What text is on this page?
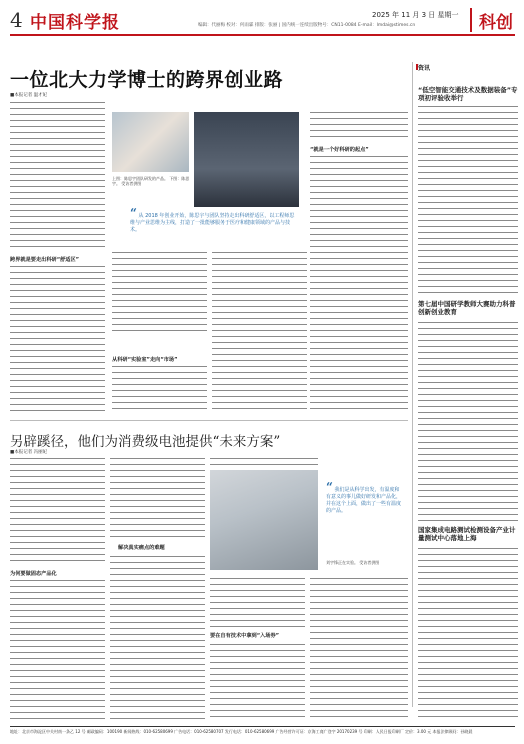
4 中国科学报	2025 年 11 月 3 日 星期一
编辑：代丽梅 校对：何雨霖 排版：张丽 | 国内统一连续出版物号：CN11-0084 E-mail：lmdai@stimes.cn	科创
一位北大力学博士的跨界创业路
■本报记者 温才妃
跨界就是要走出科研“舒适区”
上图：陈思宇团队研发的产品。 下图：陈思宇。 受访者供图
“ 从 2018 年创业开始，陈思宇与团队坚持走出科研舒适区，以工程师思维与产业思维为主线，打造了一批能够服务于医疗和健康领域的产品与技术。
从科研“实验室”走向“市场”
“就是一个好科研的起点”
资讯
“低空智能交通技术及数据装备”专项初评验收举行
第七届中国研学教师大赛助力科普创新创业教育
国家集成电路测试检测设备产业计量测试中心落地上海
另辟蹊径，他们为消费级电池提供“未来方案”
■本报记者 冯丽妃
为何要做固态产品化
解决真实痛点的难题
刘宇锋正在实验。 受访者供图
“ 我们是从科学出发，有温度和有意义的事儿做好研发和产品化，并在这个上面，做出了一些有温度的产品。
要在自有技术中拿到“入场券”
地址：北京市海淀区中关村南一条乙 12 号 邮政编码：100190 新闻热线：010-62580699 广告电话：010-62580707 发行电话：010-62580699 广告经营许可证：京海工商广登字 20170239 号 印刷：人民日报印刷厂 定价：3.00 元 本报法律顾问：孙晓晨
